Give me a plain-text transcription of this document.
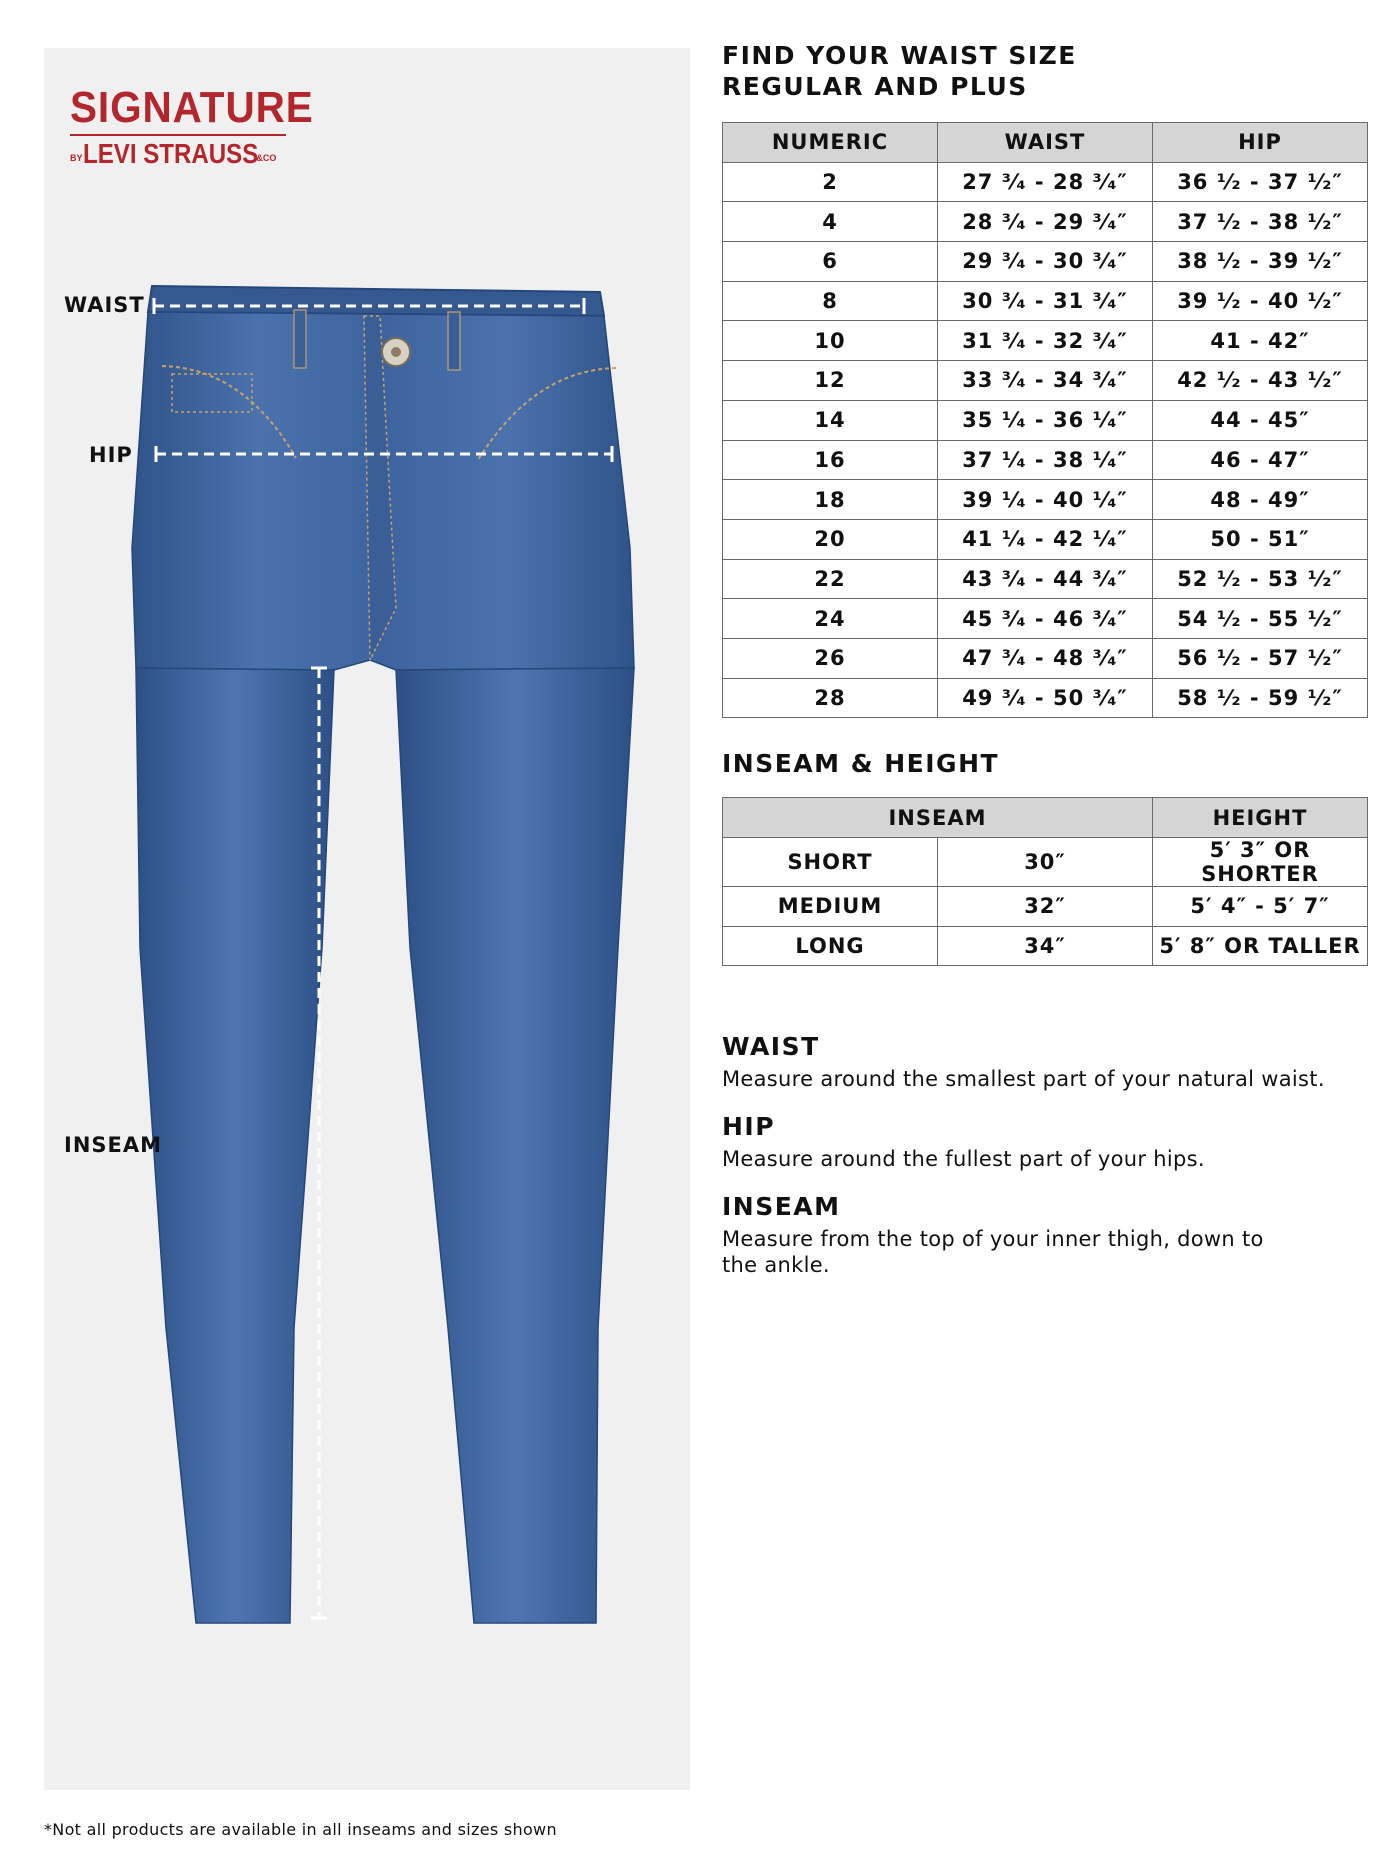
SIGNATURE
BYLEVI STRAUSS&CO
WAIST
HIP
INSEAM
FIND YOUR WAIST SIZE
REGULAR AND PLUS
NUMERIC	WAIST	HIP
2	27 ³⁄₄ - 28 ³⁄₄″	36 ¹⁄₂ - 37 ¹⁄₂″
4	28 ³⁄₄ - 29 ³⁄₄″	37 ¹⁄₂ - 38 ¹⁄₂″
6	29 ³⁄₄ - 30 ³⁄₄″	38 ¹⁄₂ - 39 ¹⁄₂″
8	30 ³⁄₄ - 31 ³⁄₄″	39 ¹⁄₂ - 40 ¹⁄₂″
10	31 ³⁄₄ - 32 ³⁄₄″	41 - 42″
12	33 ³⁄₄ - 34 ³⁄₄″	42 ¹⁄₂ - 43 ¹⁄₂″
14	35 ¹⁄₄ - 36 ¹⁄₄″	44 - 45″
16	37 ¹⁄₄ - 38 ¹⁄₄″	46 - 47″
18	39 ¹⁄₄ - 40 ¹⁄₄″	48 - 49″
20	41 ¹⁄₄ - 42 ¹⁄₄″	50 - 51″
22	43 ³⁄₄ - 44 ³⁄₄″	52 ¹⁄₂ - 53 ¹⁄₂″
24	45 ³⁄₄ - 46 ³⁄₄″	54 ¹⁄₂ - 55 ¹⁄₂″
26	47 ³⁄₄ - 48 ³⁄₄″	56 ¹⁄₂ - 57 ¹⁄₂″
28	49 ³⁄₄ - 50 ³⁄₄″	58 ¹⁄₂ - 59 ¹⁄₂″
INSEAM & HEIGHT
INSEAM		HEIGHT
SHORT	30″	5′ 3″ OR SHORTER
MEDIUM	32″	5′ 4″ - 5′ 7″
LONG	34″	5′ 8″ OR TALLER
WAIST
Measure around the smallest part of your natural waist.
HIP
Measure around the fullest part of your hips.
INSEAM
Measure from the top of your inner thigh, down to the ankle.
*Not all products are available in all inseams and sizes shown
